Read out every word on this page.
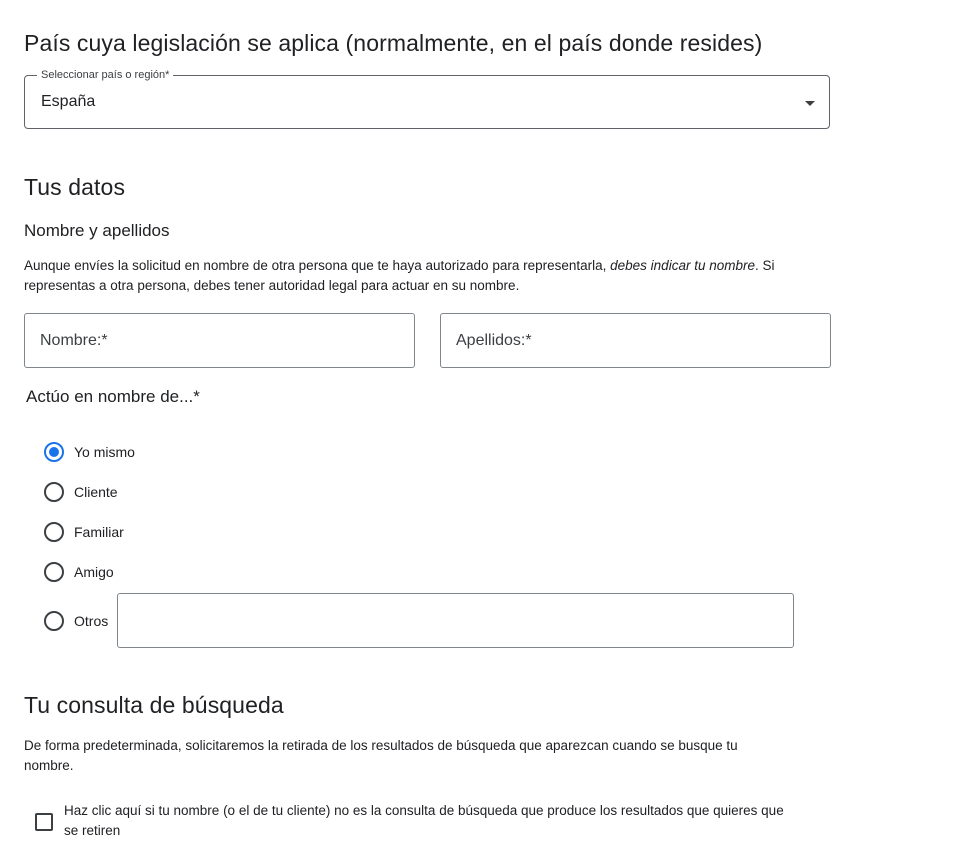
País cuya legislación se aplica (normalmente, en el país donde resides)
Seleccionar país o región*
España
Tus datos
Nombre y apellidos
Aunque envíes la solicitud en nombre de otra persona que te haya autorizado para representarla, debes indicar tu nombre. Si
representas a otra persona, debes tener autoridad legal para actuar en su nombre.
Nombre:*	Apellidos:*
Actúo en nombre de...*
Yo mismo
Cliente
Familiar
Amigo
Otros
Tu consulta de búsqueda
De forma predeterminada, solicitaremos la retirada de los resultados de búsqueda que aparezcan cuando se busque tu
nombre.
Haz clic aquí si tu nombre (o el de tu cliente) no es la consulta de búsqueda que produce los resultados que quieres que
se retiren
